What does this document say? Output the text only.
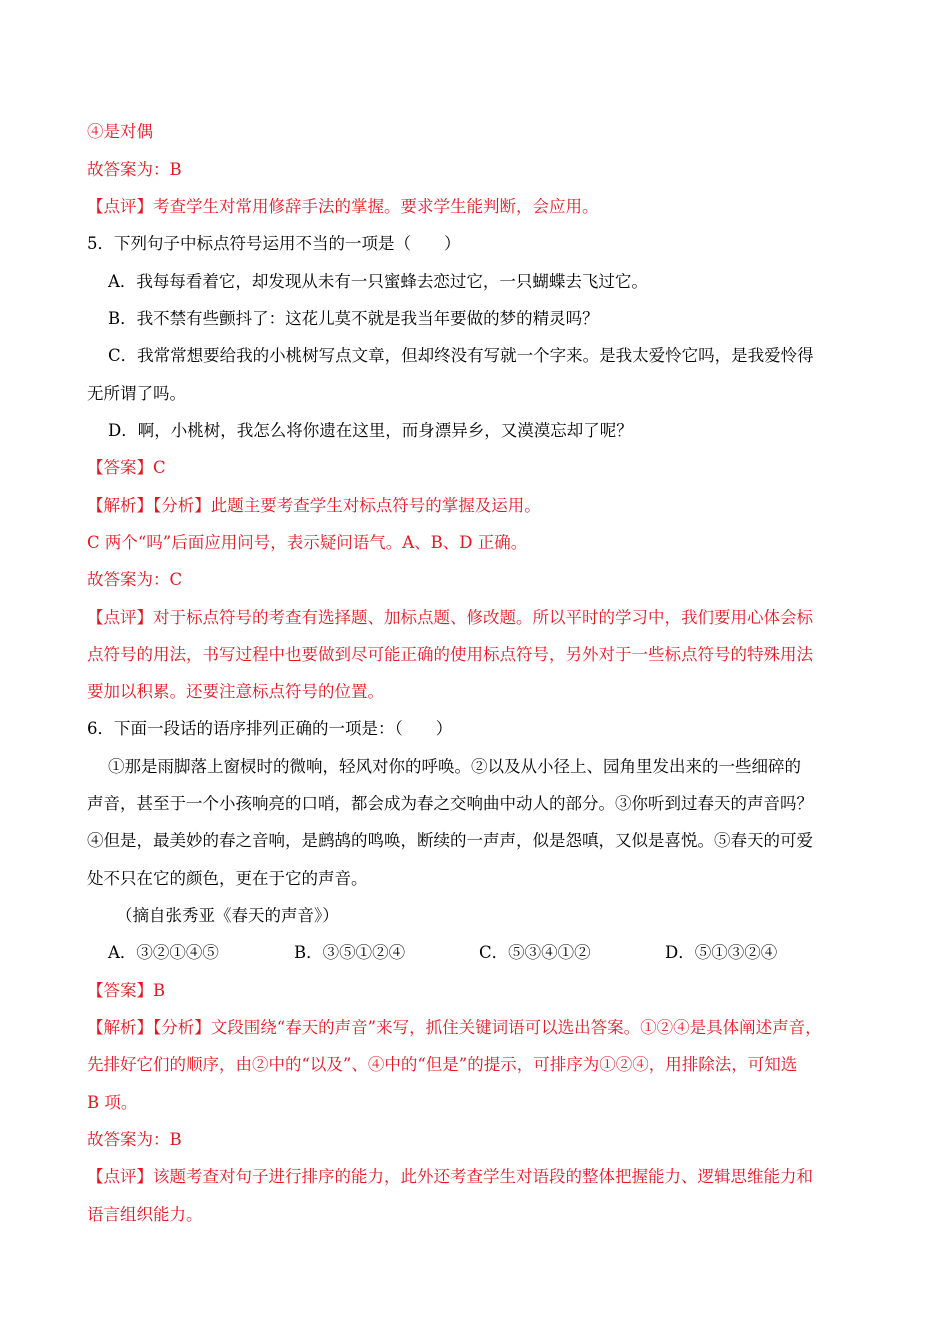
④是对偶
故答案为：B
【点评】考查学生对常用修辞手法的掌握。要求学生能判断，会应用。
5．下列句子中标点符号运用不当的一项是（　　）
A．我每每看着它，却发现从未有一只蜜蜂去恋过它，一只蝴蝶去飞过它。
B．我不禁有些颤抖了：这花儿莫不就是我当年要做的梦的精灵吗？
C．我常常想要给我的小桃树写点文章，但却终没有写就一个字来。是我太爱怜它吗，是我爱怜得
无所谓了吗。
D．啊，小桃树，我怎么将你遗在这里，而身漂异乡，又漠漠忘却了呢？
【答案】C
【解析】【分析】此题主要考查学生对标点符号的掌握及运用。
C 两个“吗”后面应用问号，表示疑问语气。A、B、D 正确。
故答案为：C
【点评】对于标点符号的考查有选择题、加标点题、修改题。所以平时的学习中，我们要用心体会标
点符号的用法，书写过程中也要做到尽可能正确的使用标点符号，另外对于一些标点符号的特殊用法
要加以积累。还要注意标点符号的位置。
6．下面一段话的语序排列正确的一项是：（　　）
①那是雨脚落上窗棂时的微响，轻风对你的呼唤。②以及从小径上、园角里发出来的一些细碎的
声音，甚至于一个小孩响亮的口哨，都会成为春之交响曲中动人的部分。③你听到过春天的声音吗？
④但是，最美妙的春之音响，是鹧鸪的鸣唤，断续的一声声，似是怨嗔，又似是喜悦。⑤春天的可爱
处不只在它的颜色，更在于它的声音。
（摘自张秀亚《春天的声音》）
A．③②①④⑤	B．③⑤①②④	C．⑤③④①②	D．⑤①③②④
【答案】B
【解析】【分析】文段围绕“春天的声音”来写，抓住关键词语可以选出答案。①②④是具体阐述声音，
先排好它们的顺序，由②中的“以及”、④中的“但是”的提示，可排序为①②④，用排除法，可知选
B 项。
故答案为：B
【点评】该题考查对句子进行排序的能力，此外还考查学生对语段的整体把握能力、逻辑思维能力和
语言组织能力。
